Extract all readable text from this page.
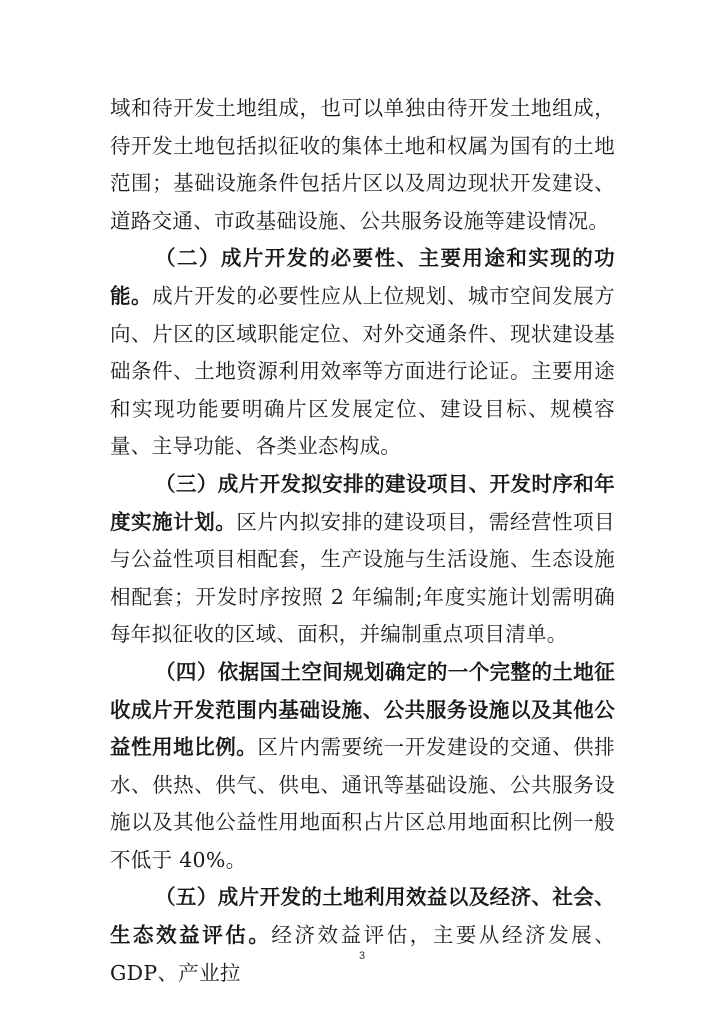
域和待开发土地组成，也可以单独由待开发土地组成，待开发土地包括拟征收的集体土地和权属为国有的土地范围；基础设施条件包括片区以及周边现状开发建设、道路交通、市政基础设施、公共服务设施等建设情况。

（二）成片开发的必要性、主要用途和实现的功能。成片开发的必要性应从上位规划、城市空间发展方向、片区的区域职能定位、对外交通条件、现状建设基础条件、土地资源利用效率等方面进行论证。主要用途和实现功能要明确片区发展定位、建设目标、规模容量、主导功能、各类业态构成。

（三）成片开发拟安排的建设项目、开发时序和年度实施计划。区片内拟安排的建设项目，需经营性项目与公益性项目相配套，生产设施与生活设施、生态设施相配套；开发时序按照 2 年编制;年度实施计划需明确每年拟征收的区域、面积，并编制重点项目清单。

（四）依据国土空间规划确定的一个完整的土地征收成片开发范围内基础设施、公共服务设施以及其他公益性用地比例。区片内需要统一开发建设的交通、供排水、供热、供气、供电、通讯等基础设施、公共服务设施以及其他公益性用地面积占片区总用地面积比例一般不低于 40%。

（五）成片开发的土地利用效益以及经济、社会、生态效益评估。经济效益评估，主要从经济发展、GDP、产业拉

3
